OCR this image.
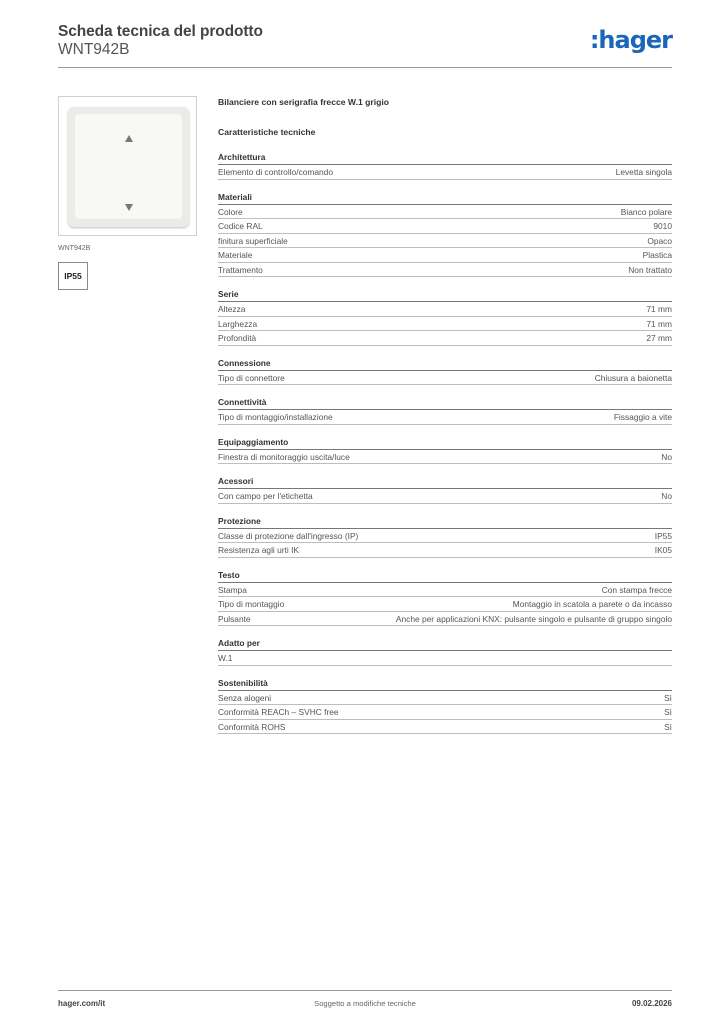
Scheda tecnica del prodotto
WNT942B	:hager
WNT942B
IP55
Bilanciere con serigrafia frecce W.1 grigio
Caratteristiche tecniche
Architettura
Elemento di controllo/comando	Levetta singola
Materiali
Colore	Bianco polare
Codice RAL	9010
finitura superficiale	Opaco
Materiale	Plastica
Trattamento	Non trattato
Serie
Altezza	71 mm
Larghezza	71 mm
Profondità	27 mm
Connessione
Tipo di connettore	Chiusura a baionetta
Connettività
Tipo di montaggio/installazione	Fissaggio a vite
Equipaggiamento
Finestra di monitoraggio uscita/luce	No
Acessori
Con campo per l'etichetta	No
Protezione
Classe di protezione dall'ingresso (IP)	IP55
Resistenza agli urti IK	IK05
Testo
Stampa	Con stampa frecce
Tipo di montaggio	Montaggio in scatola a parete o da incasso
Pulsante	Anche per applicazioni KNX: pulsante singolo e pulsante di gruppo singolo
Adatto per
W.1
Sostenibilità
Senza alogeni	Sì
Conformità REACh – SVHC free	Sì
Conformità ROHS	Sì
hager.com/it	Soggetto a modifiche tecniche	09.02.2026
